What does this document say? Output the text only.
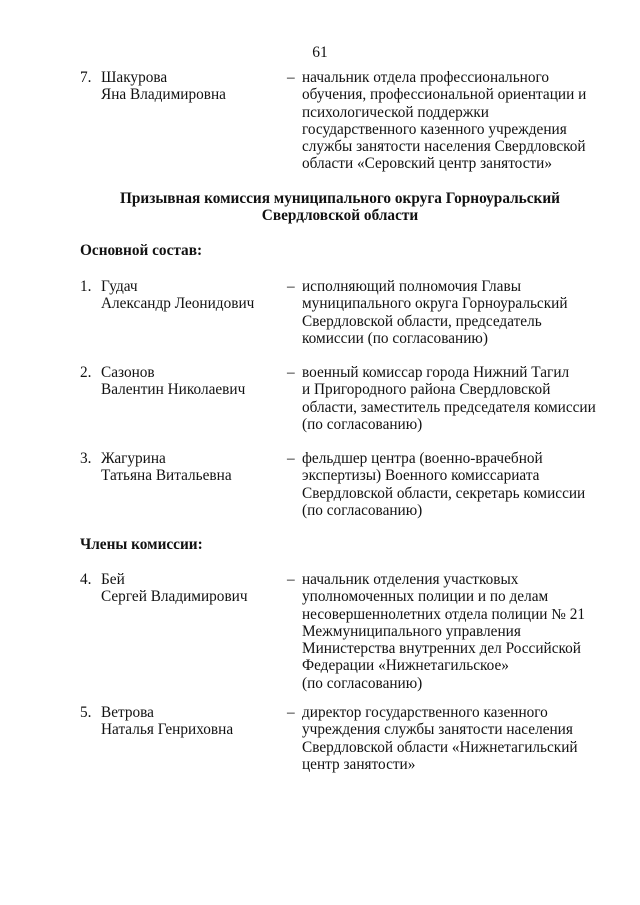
61
7. Шакурова
Яна Владимировна
– начальник отдела профессионального
обучения, профессиональной ориентации и
психологической поддержки
государственного казенного учреждения
службы занятости населения Свердловской
области «Серовский центр занятости»
Призывная комиссия муниципального округа Горноуральский
Свердловской области
Основной состав:
1. Гудач
Александр Леонидович
– исполняющий полномочия Главы
муниципального округа Горноуральский
Свердловской области, председатель
комиссии (по согласованию)
2. Сазонов
Валентин Николаевич
– военный комиссар города Нижний Тагил
и Пригородного района Свердловской
области, заместитель председателя комиссии
(по согласованию)
3. Жагурина
Татьяна Витальевна
– фельдшер центра (военно-врачебной
экспертизы) Военного комиссариата
Свердловской области, секретарь комиссии
(по согласованию)
Члены комиссии:
4. Бей
Сергей Владимирович
– начальник отделения участковых
уполномоченных полиции и по делам
несовершеннолетних отдела полиции № 21
Межмуниципального управления
Министерства внутренних дел Российской
Федерации «Нижнетагильское»
(по согласованию)
5. Ветрова
Наталья Генриховна
– директор государственного казенного
учреждения службы занятости населения
Свердловской области «Нижнетагильский
центр занятости»
